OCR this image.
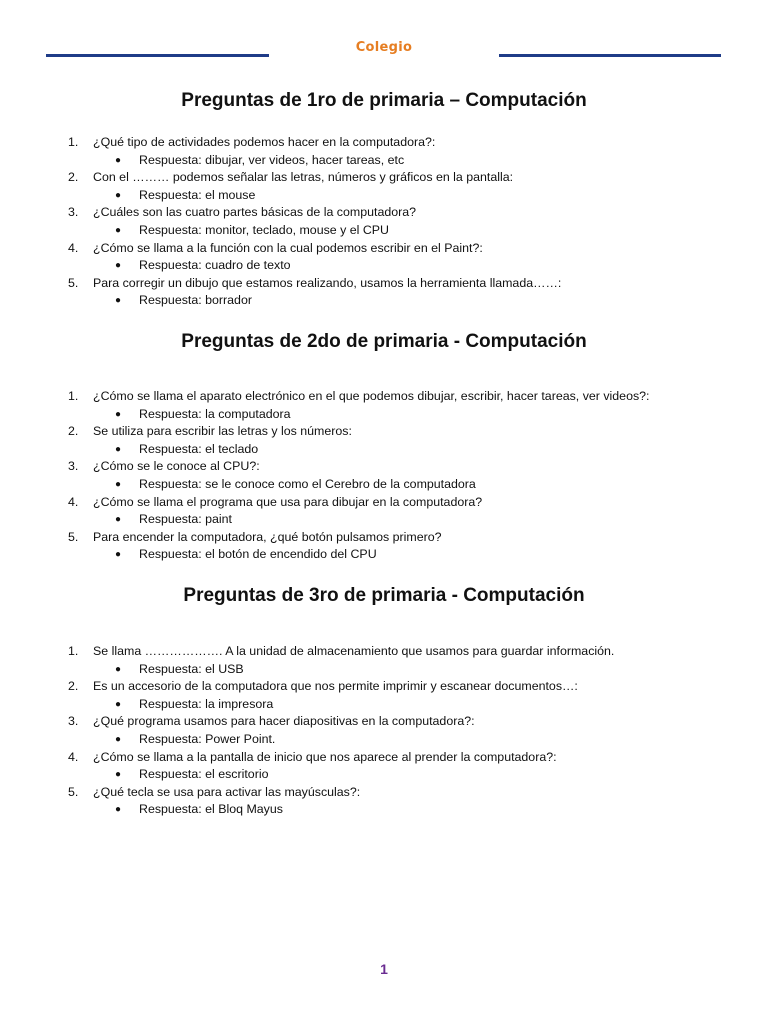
Colegio
Preguntas de 1ro de primaria – Computación
1. ¿Qué tipo de actividades podemos hacer en la computadora?:
● Respuesta: dibujar, ver videos, hacer tareas, etc
2. Con el ……… podemos señalar las letras, números y gráficos en la pantalla:
● Respuesta: el mouse
3. ¿Cuáles son las cuatro partes básicas de la computadora?
● Respuesta: monitor, teclado, mouse y el CPU
4. ¿Cómo se llama a la función con la cual podemos escribir en el Paint?:
● Respuesta: cuadro de texto
5. Para corregir un dibujo que estamos realizando, usamos la herramienta llamada……:
● Respuesta: borrador
Preguntas de 2do de primaria - Computación
1. ¿Cómo se llama el aparato electrónico en el que podemos dibujar, escribir, hacer tareas, ver videos?:
● Respuesta: la computadora
2. Se utiliza para escribir las letras y los números:
● Respuesta: el teclado
3. ¿Cómo se le conoce al CPU?:
● Respuesta: se le conoce como el Cerebro de la computadora
4. ¿Cómo se llama el programa que usa para dibujar en la computadora?
● Respuesta: paint
5. Para encender la computadora, ¿qué botón pulsamos primero?
● Respuesta: el botón de encendido del CPU
Preguntas de 3ro de primaria - Computación
1. Se llama ………………. A la unidad de almacenamiento que usamos para guardar información.
● Respuesta: el USB
2. Es un accesorio de la computadora que nos permite imprimir y escanear documentos…:
● Respuesta: la impresora
3. ¿Qué programa usamos para hacer diapositivas en la computadora?:
● Respuesta: Power Point.
4. ¿Cómo se llama a la pantalla de inicio que nos aparece al prender la computadora?:
● Respuesta: el escritorio
5. ¿Qué tecla se usa para activar las mayúsculas?:
● Respuesta: el Bloq Mayus
1
